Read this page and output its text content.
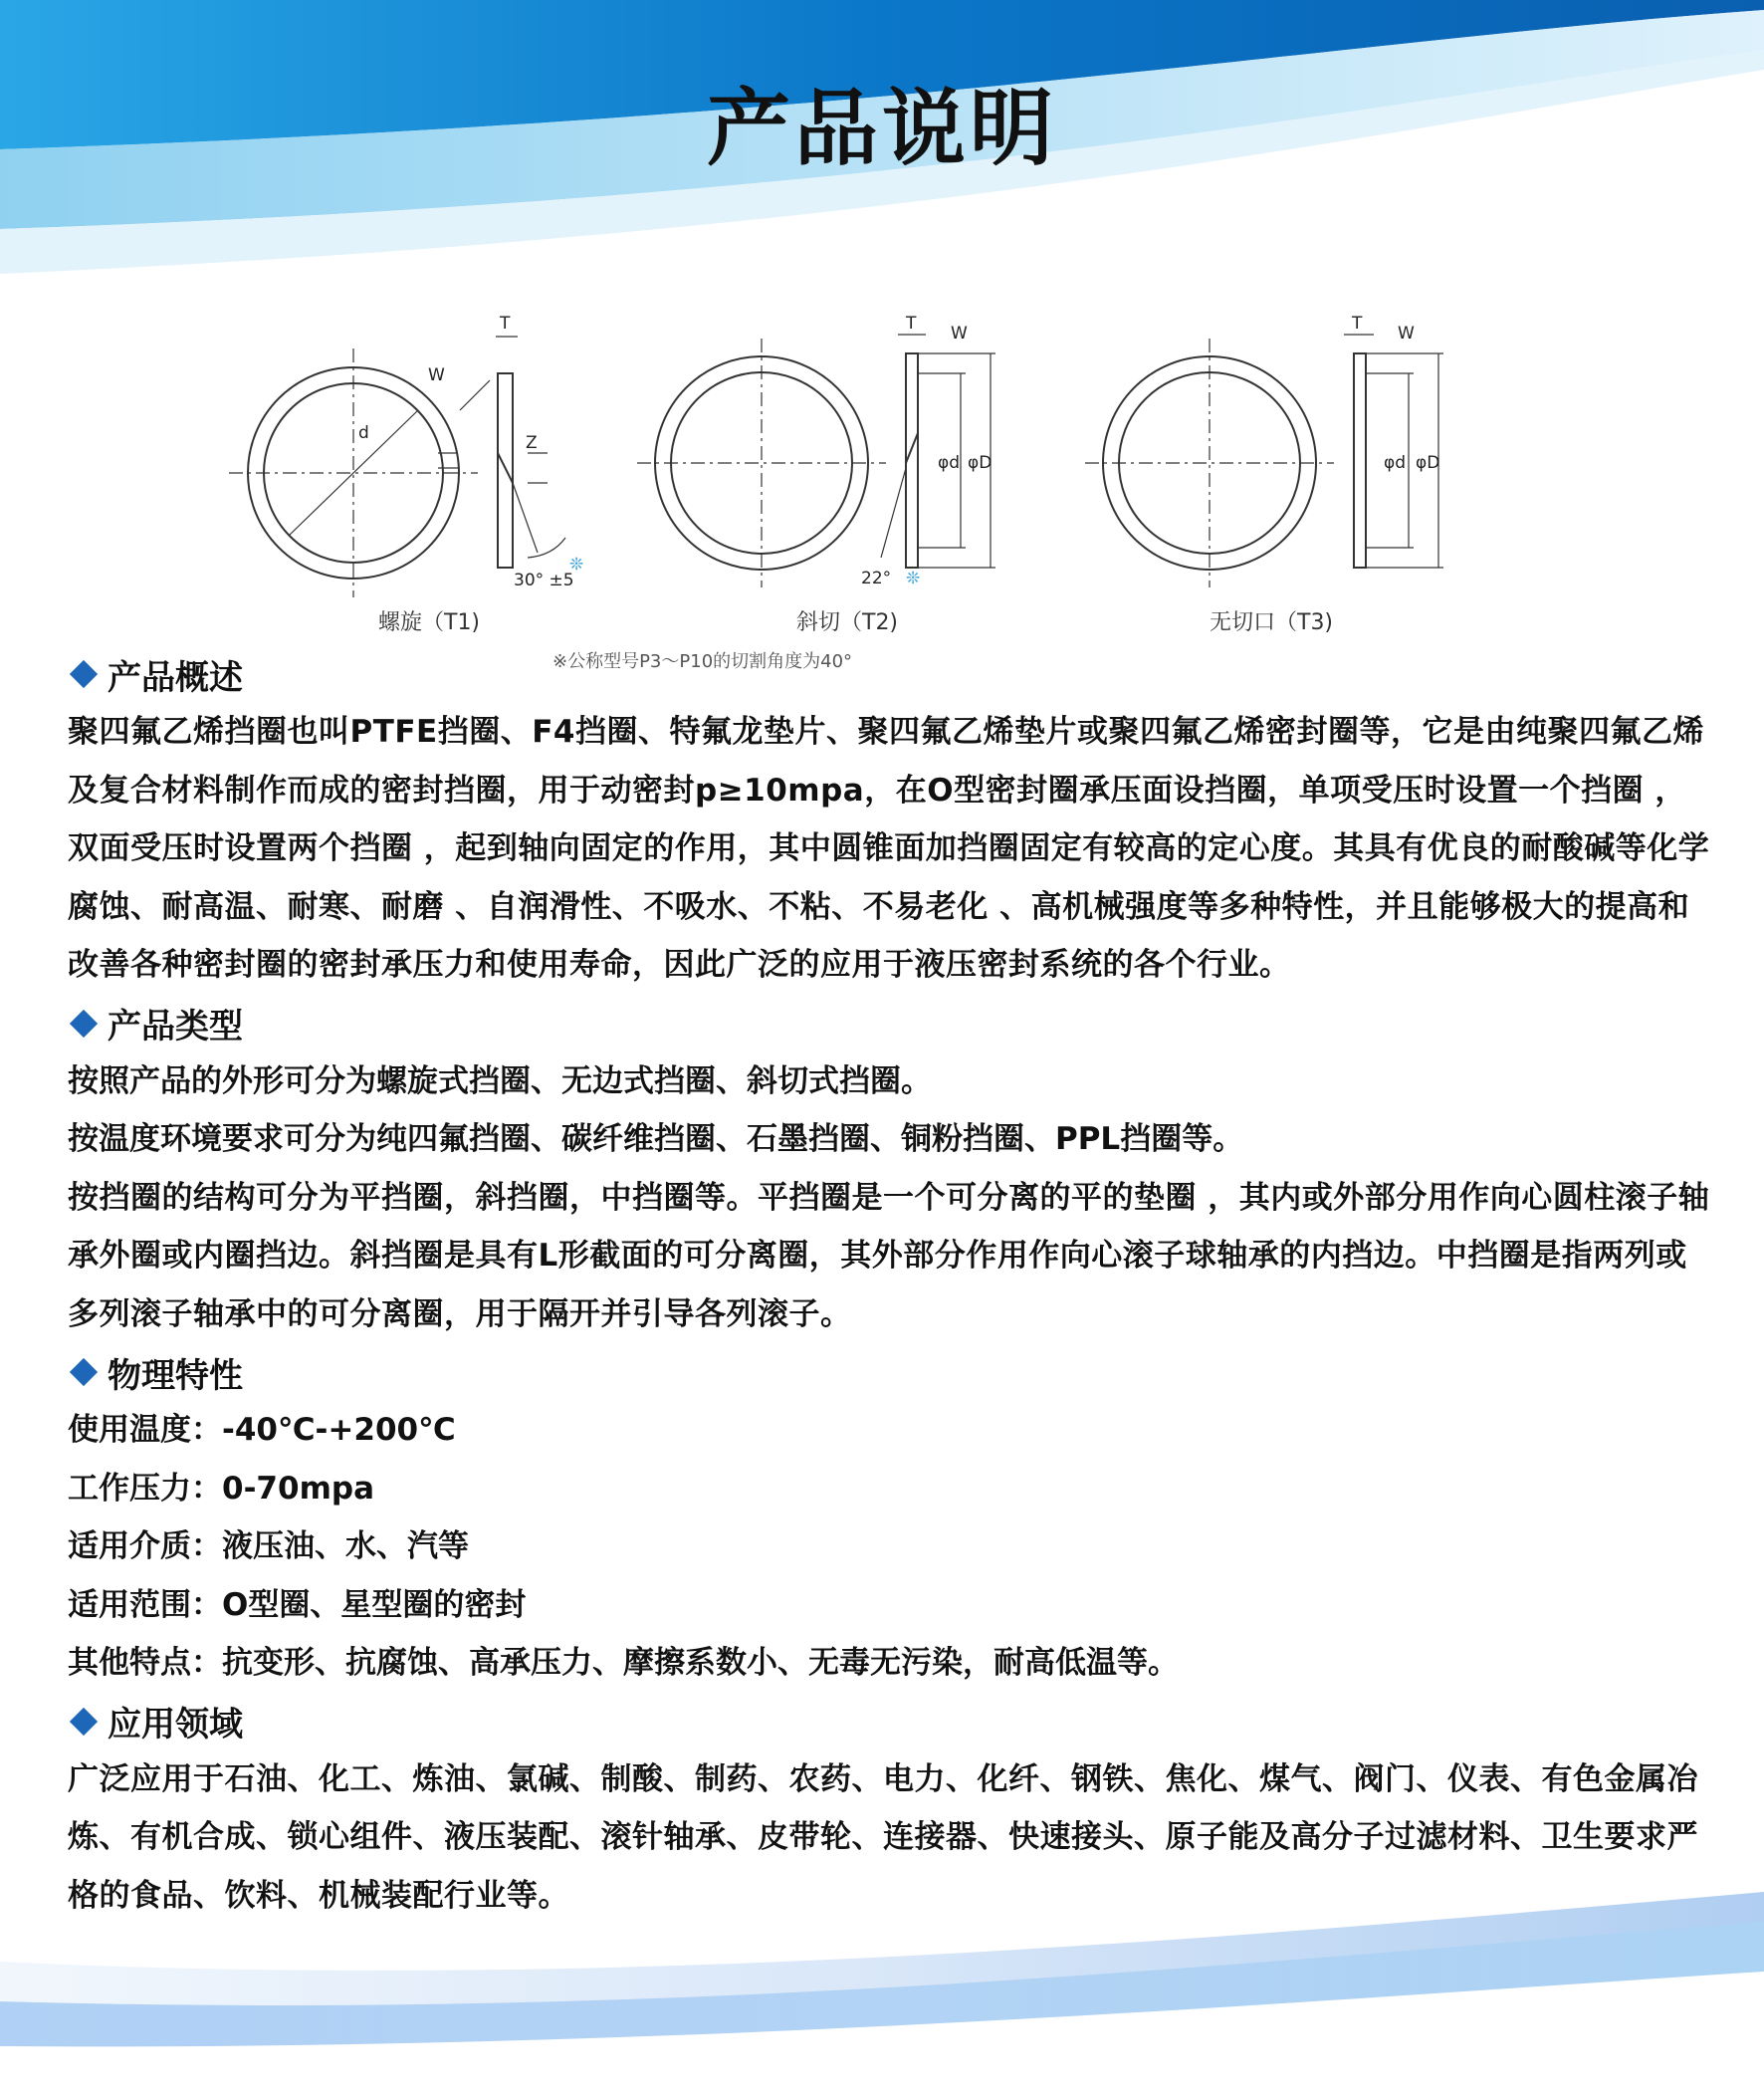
产品说明
T
W
d	Z
30° ±5
❊
T W
φd φD
22° ❊
T W
φd φD
螺旋（T1)	斜切（T2)	无切口（T3)
※公称型号P3～P10的切割角度为40°
产品概述

聚四氟乙烯挡圈也叫PTFE挡圈、F4挡圈、特氟龙垫片、聚四氟乙烯垫片或聚四氟乙烯密封圈等，它是由纯聚四氟乙烯及复合材料制作而成的密封挡圈，用于动密封p≥10mpa，在O型密封圈承压面设挡圈，单项受压时设置一个挡圈 ，双面受压时设置两个挡圈 ，起到轴向固定的作用，其中圆锥面加挡圈固定有较高的定心度。其具有优良的耐酸碱等化学腐蚀、耐高温、耐寒、耐磨 、自润滑性、不吸水、不粘、不易老化 、高机械强度等多种特性，并且能够极大的提高和改善各种密封圈的密封承压力和使用寿命，因此广泛的应用于液压密封系统的各个行业。

产品类型

按照产品的外形可分为螺旋式挡圈、无边式挡圈、斜切式挡圈。

按温度环境要求可分为纯四氟挡圈、碳纤维挡圈、石墨挡圈、铜粉挡圈、PPL挡圈等。

按挡圈的结构可分为平挡圈，斜挡圈，中挡圈等。平挡圈是一个可分离的平的垫圈 ，其内或外部分用作向心圆柱滚子轴承外圈或内圈挡边。斜挡圈是具有L形截面的可分离圈，其外部分作用作向心滚子球轴承的内挡边。中挡圈是指两列或多列滚子轴承中的可分离圈，用于隔开并引导各列滚子。

物理特性

使用温度：-40℃-+200℃

工作压力：0-70mpa

适用介质：液压油、水、汽等

适用范围：O型圈、星型圈的密封

其他特点：抗变形、抗腐蚀、高承压力、摩擦系数小、无毒无污染，耐高低温等。

应用领域

广泛应用于石油、化工、炼油、氯碱、制酸、制药、农药、电力、化纤、钢铁、焦化、煤气、阀门、仪表、有色金属冶炼、有机合成、锁心组件、液压装配、滚针轴承、皮带轮、连接器、快速接头、原子能及高分子过滤材料、卫生要求严格的食品、饮料、机械装配行业等。
